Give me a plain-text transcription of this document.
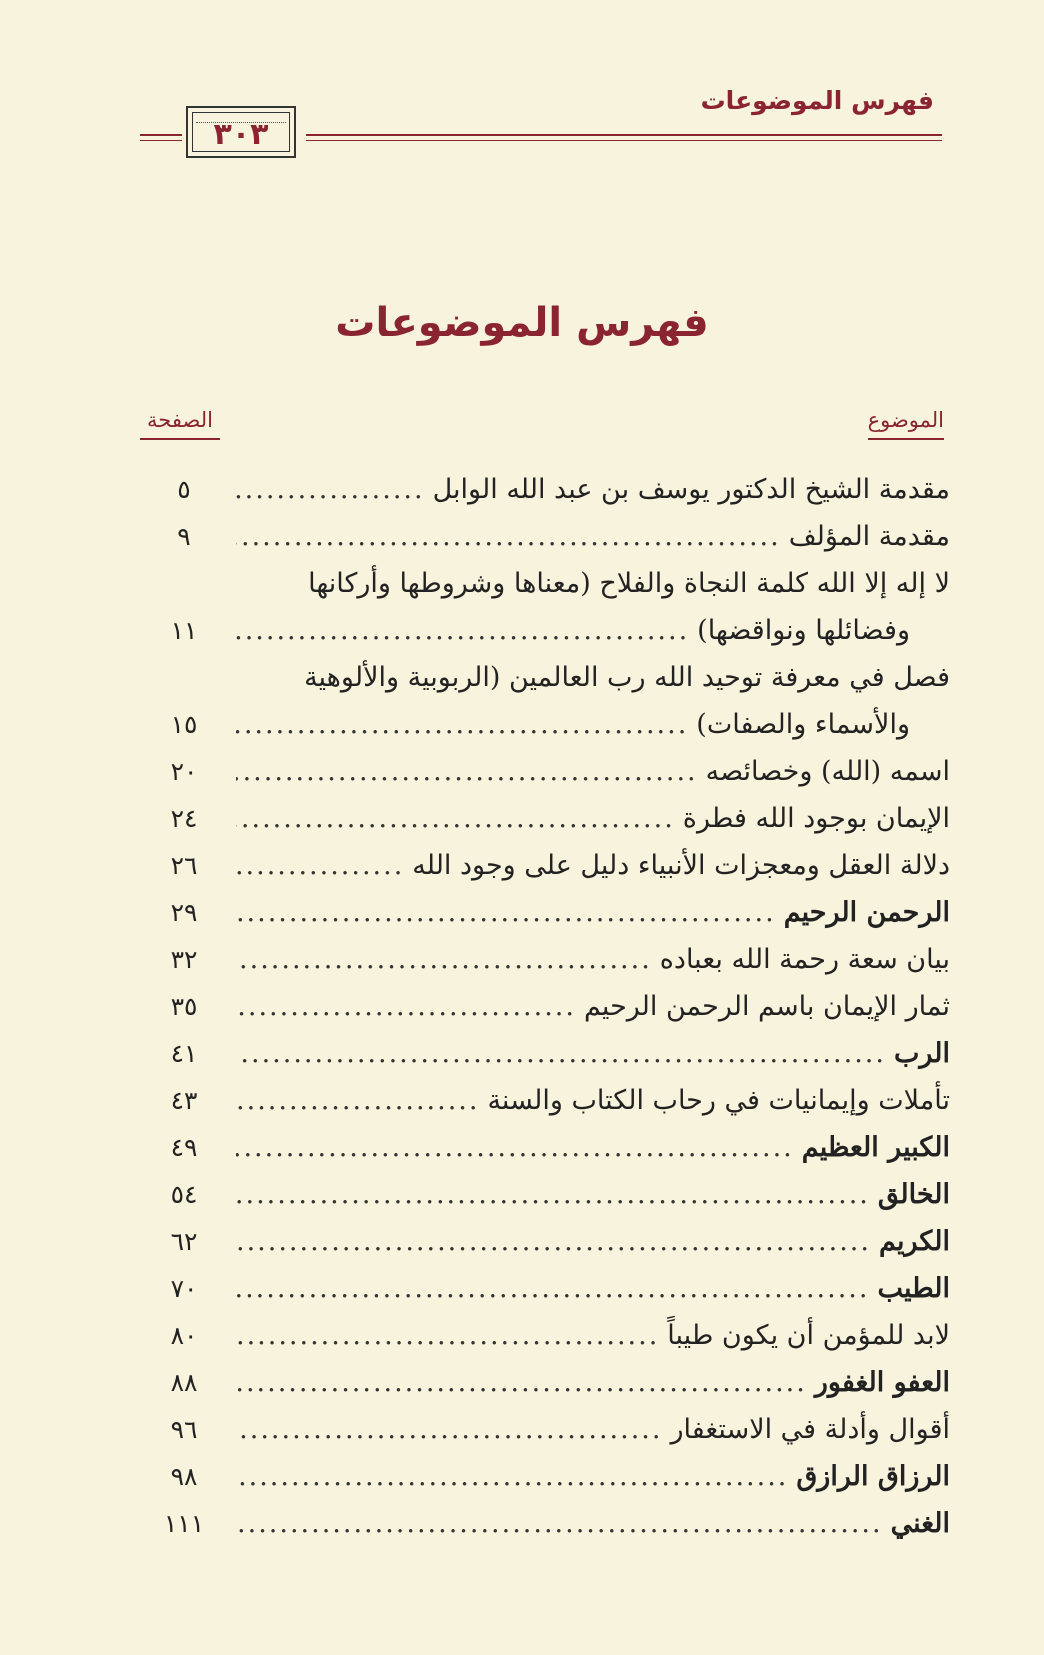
فهرس الموضوعات
٣٠٣
فهرس الموضوعات
الموضوع
الصفحة
مقدمة الشيخ الدكتور يوسف بن عبد الله الوابل
.....
٥
مقدمة المؤلف
.....
٩
لا إله إلا الله كلمة النجاة والفلاح (معناها وشروطها وأركانها
وفضائلها ونواقضها)
.....
١١
فصل في معرفة توحيد الله رب العالمين (الربوبية والألوهية
والأسماء والصفات)
.....
١٥
اسمه (الله) وخصائصه
.....
٢٠
الإيمان بوجود الله فطرة
.....
٢٤
دلالة العقل ومعجزات الأنبياء دليل على وجود الله
.....
٢٦
الرحمن الرحيم
.....
٢٩
بيان سعة رحمة الله بعباده
.....
٣٢
ثمار الإيمان باسم الرحمن الرحيم
.....
٣٥
الرب
.....
٤١
تأملات وإيمانيات في رحاب الكتاب والسنة
.....
٤٣
الكبير العظيم
.....
٤٩
الخالق
.....
٥٤
الكريم
.....
٦٢
الطيب
.....
٧٠
لابد للمؤمن أن يكون طيباً
.....
٨٠
العفو الغفور
.....
٨٨
أقوال وأدلة في الاستغفار
.....
٩٦
الرزاق الرازق
.....
٩٨
الغني
.....
١١١
